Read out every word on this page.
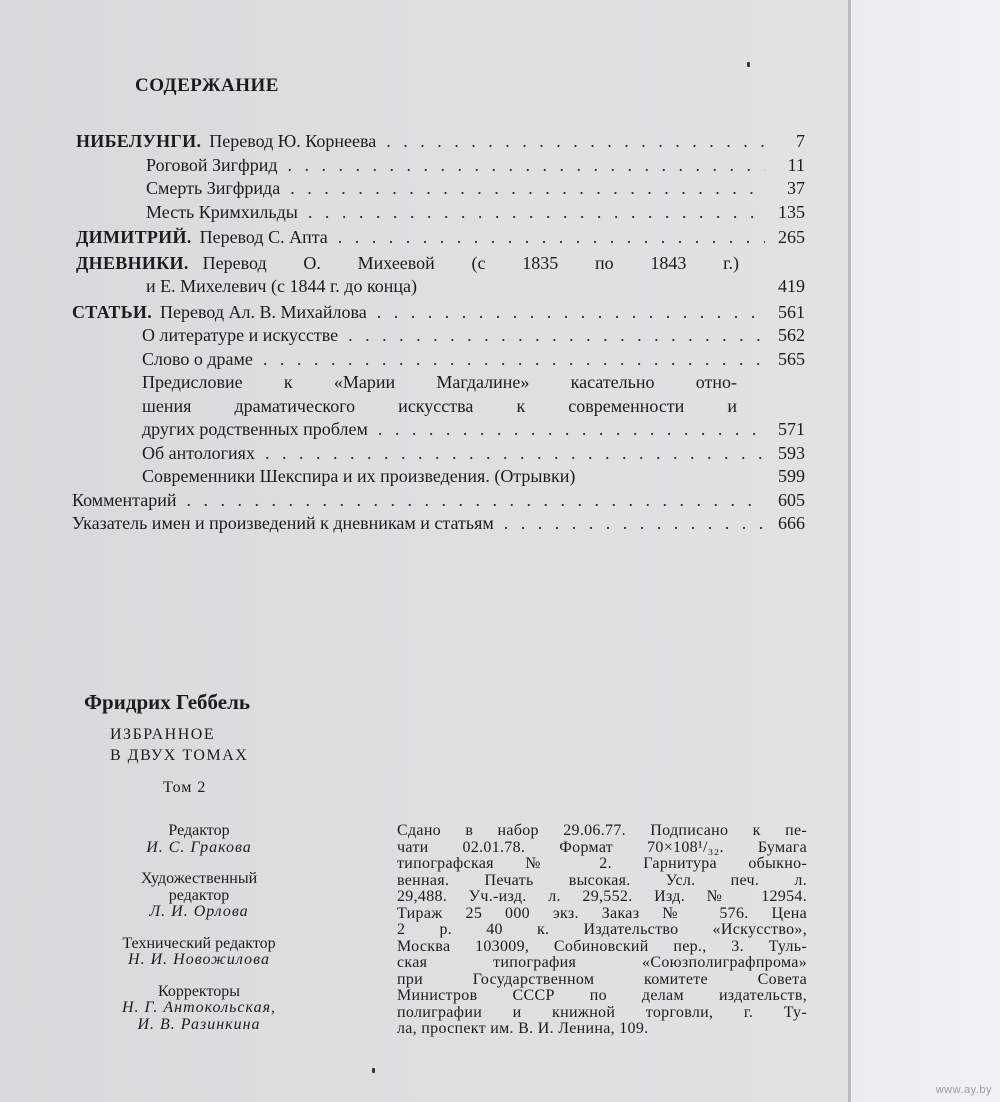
СОДЕРЖАНИЕ
НИБЕЛУНГИ. Перевод Ю. Корнеева . . .	7
Роговой Зигфрид . . .	11
Смерть Зигфрида . . .	37
Месть Кримхильды . . .	135
ДИМИТРИЙ. Перевод С. Апта . . .	265
ДНЕВНИКИ. Перевод О. Михеевой (с 1835 по 1843 г.)
и Е. Михелевич (с 1844 г. до конца)	419
СТАТЬИ. Перевод Ал. В. Михайлова . . .	561
О литературе и искусстве . . .	562
Слово о драме . . .	565
Предисловие к «Марии Магдалине» касательно отно-
шения драматического искусства к современности и
других родственных проблем . . .	571
Об антологиях . . .	593
Современники Шекспира и их произведения. (Отрывки)	599
Комментарий . . .	605
Указатель имен и произведений к дневникам и статьям . . .	666
Фридрих Геббель
ИЗБРАННОЕ
В ДВУХ ТОМАХ
Том 2
Редактор
И. С. Гракова
Художественный
редактор
Л. И. Орлова
Технический редактор
Н. И. Новожилова
Корректоры
Н. Г. Антокольская,
И. В. Разинкина
Сдано в набор 29.06.77. Подписано к пе-
чати 02.01.78. Формат 70×108¹/₃₂. Бумага
типографская № 2. Гарнитура обыкно-
венная. Печать высокая. Усл. печ. л.
29,488. Уч.-изд. л. 29,552. Изд. № 12954.
Тираж 25 000 экз. Заказ № 576. Цена
2 р. 40 к. Издательство «Искусство»,
Москва 103009, Собиновский пер., 3. Туль-
ская типография «Союзполиграфпрома»
при Государственном комитете Совета
Министров СССР по делам издательств,
полиграфии и книжной торговли, г. Ту-
ла, проспект им. В. И. Ленина, 109.
www.ay.by
